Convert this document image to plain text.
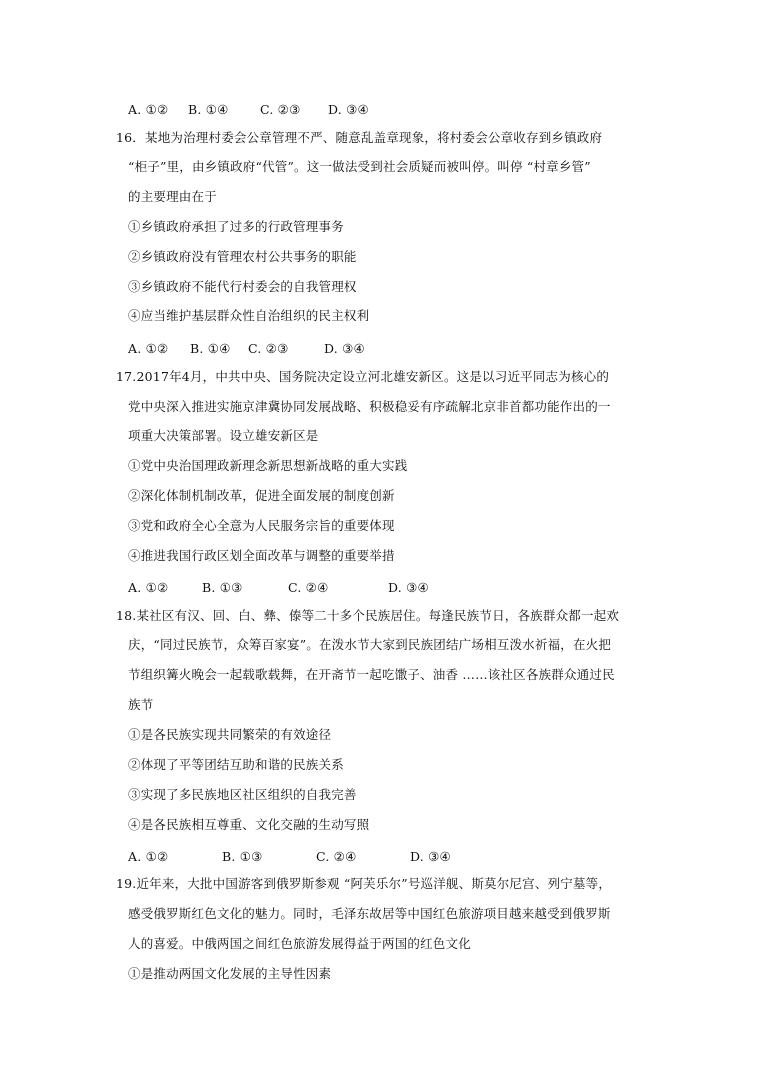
A. ①② B. ①④	C. ②③ D. ③④
16．某地为治理村委会公章管理不严、随意乱盖章现象，将村委会公章收存到乡镇政府
“柜子”里，由乡镇政府“代管”。这一做法受到社会质疑而被叫停。叫停 “村章乡管”
的主要理由在于
①乡镇政府承担了过多的行政管理事务
②乡镇政府没有管理农村公共事务的职能
③乡镇政府不能代行村委会的自我管理权
④应当维护基层群众性自治组织的民主权利
A. ①② B. ①④ C. ②③	D. ③④
17.2017年4月，中共中央、国务院决定设立河北雄安新区。这是以习近平同志为核心的
党中央深入推进实施京津冀协同发展战略、积极稳妥有序疏解北京非首都功能作出的一
项重大决策部署。设立雄安新区是
①党中央治国理政新理念新思想新战略的重大实践
②深化体制机制改革，促进全面发展的制度创新
③党和政府全心全意为人民服务宗旨的重要体现
④推进我国行政区划全面改革与调整的重要举措
A. ①②	B. ①③	C. ②④	D. ③④
18.某社区有汉、回、白、彝、傣等二十多个民族居住。每逢民族节日，各族群众都一起欢
庆，“同过民族节，众筹百家宴”。在泼水节大家到民族团结广场相互泼水祈福，在火把
节组织篝火晚会一起载歌载舞，在开斋节一起吃馓子、油香 ……该社区各族群众通过民
族节
①是各民族实现共同繁荣的有效途径
②体现了平等团结互助和谐的民族关系
③实现了多民族地区社区组织的自我完善
④是各民族相互尊重、文化交融的生动写照
A. ①②	B. ①③	C. ②④	D. ③④
19.近年来，大批中国游客到俄罗斯参观 “阿芙乐尔”号巡洋舰、斯莫尔尼宫、列宁墓等，
感受俄罗斯红色文化的魅力。同时，毛泽东故居等中国红色旅游项目越来越受到俄罗斯
人的喜爱。中俄两国之间红色旅游发展得益于两国的红色文化
①是推动两国文化发展的主导性因素
